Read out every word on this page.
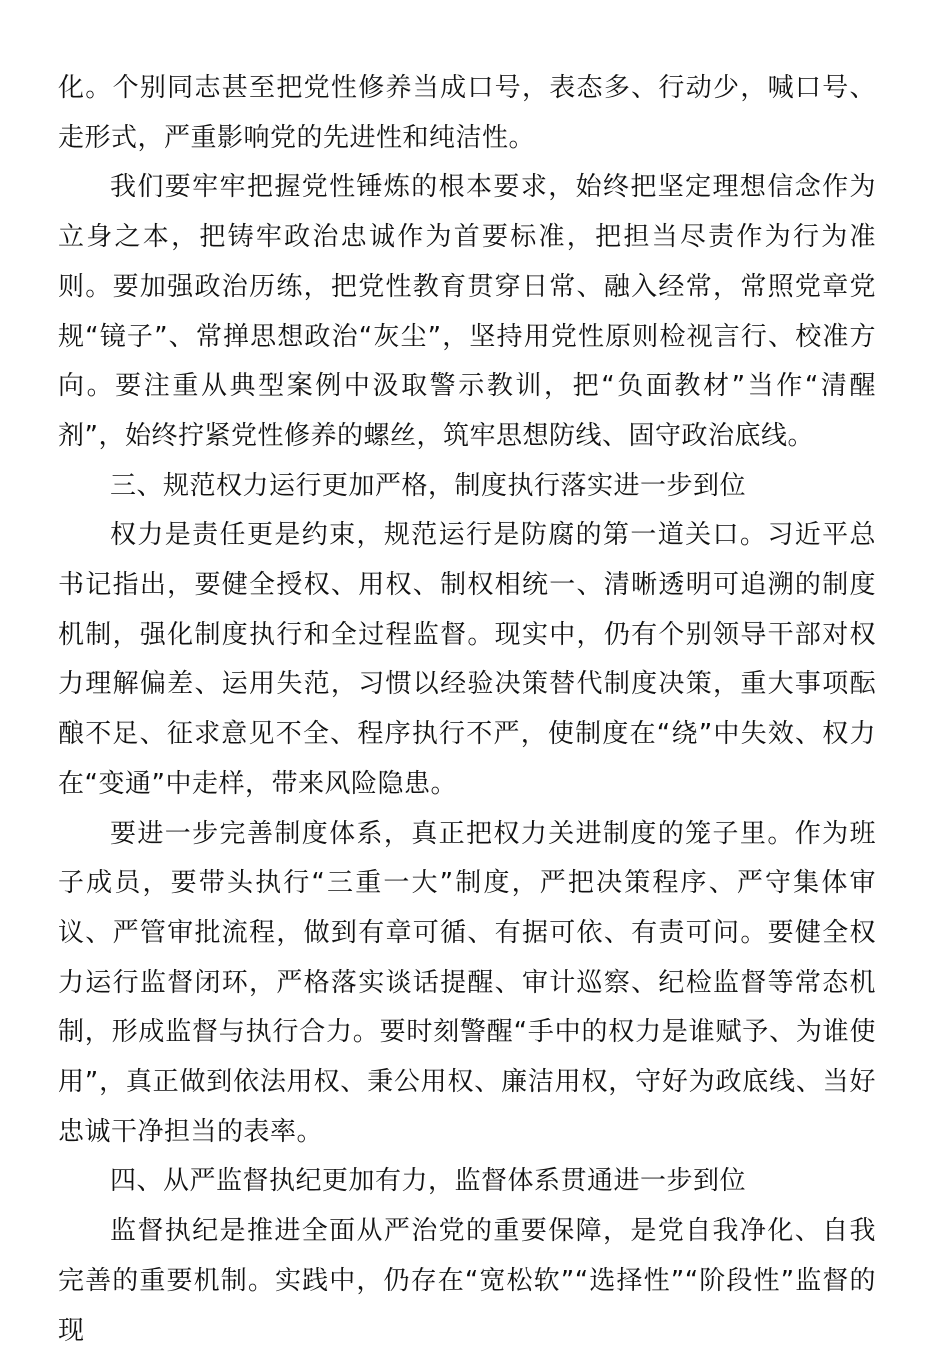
化。个别同志甚至把党性修养当成口号，表态多、行动少，喊口号、走形式，严重影响党的先进性和纯洁性。

我们要牢牢把握党性锤炼的根本要求，始终把坚定理想信念作为立身之本，把铸牢政治忠诚作为首要标准，把担当尽责作为行为准则。要加强政治历练，把党性教育贯穿日常、融入经常，常照党章党规“镜子”、常掸思想政治“灰尘”，坚持用党性原则检视言行、校准方向。要注重从典型案例中汲取警示教训，把“负面教材”当作“清醒剂”，始终拧紧党性修养的螺丝，筑牢思想防线、固守政治底线。

三、规范权力运行更加严格，制度执行落实进一步到位

权力是责任更是约束，规范运行是防腐的第一道关口。习近平总书记指出，要健全授权、用权、制权相统一、清晰透明可追溯的制度机制，强化制度执行和全过程监督。现实中，仍有个别领导干部对权力理解偏差、运用失范，习惯以经验决策替代制度决策，重大事项酝酿不足、征求意见不全、程序执行不严，使制度在“绕”中失效、权力在“变通”中走样，带来风险隐患。

要进一步完善制度体系，真正把权力关进制度的笼子里。作为班子成员，要带头执行“三重一大”制度，严把决策程序、严守集体审议、严管审批流程，做到有章可循、有据可依、有责可问。要健全权力运行监督闭环，严格落实谈话提醒、审计巡察、纪检监督等常态机制，形成监督与执行合力。要时刻警醒“手中的权力是谁赋予、为谁使用”，真正做到依法用权、秉公用权、廉洁用权，守好为政底线、当好忠诚干净担当的表率。

四、从严监督执纪更加有力，监督体系贯通进一步到位

监督执纪是推进全面从严治党的重要保障，是党自我净化、自我完善的重要机制。实践中，仍存在“宽松软”“选择性”“阶段性”监督的现
